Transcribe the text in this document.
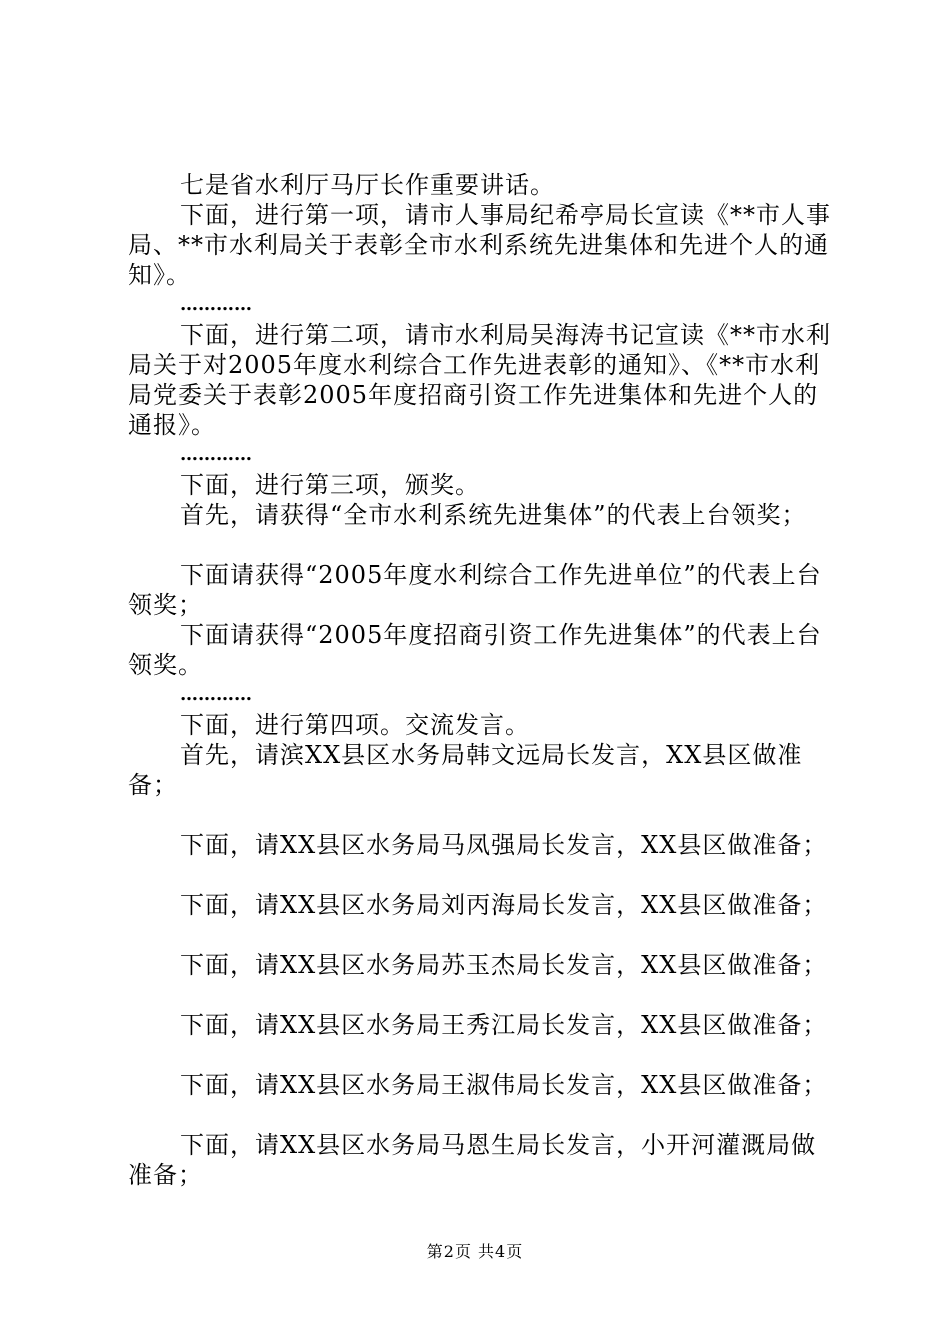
七是省水利厅马厅长作重要讲话。

下面，进行第一项，请市人事局纪希亭局长宣读《**市人事局、**市水利局关于表彰全市水利系统先进集体和先进个人的通知》。

…………

下面，进行第二项，请市水利局吴海涛书记宣读《**市水利局关于对2005年度水利综合工作先进表彰的通知》、《**市水利局党委关于表彰2005年度招商引资工作先进集体和先进个人的通报》。

…………

下面，进行第三项，颁奖。

首先，请获得“全市水利系统先进集体”的代表上台领奖；

下面请获得“2005年度水利综合工作先进单位”的代表上台领奖；

下面请获得“2005年度招商引资工作先进集体”的代表上台领奖。

…………

下面，进行第四项。交流发言。

首先，请滨XX县区水务局韩文远局长发言，XX县区做准备；

下面，请XX县区水务局马凤强局长发言，XX县区做准备；

下面，请XX县区水务局刘丙海局长发言，XX县区做准备；

下面，请XX县区水务局苏玉杰局长发言，XX县区做准备；

下面，请XX县区水务局王秀江局长发言，XX县区做准备；

下面，请XX县区水务局王淑伟局长发言，XX县区做准备；

下面，请XX县区水务局马恩生局长发言，小开河灌溉局做准备；

第2页 共4页
